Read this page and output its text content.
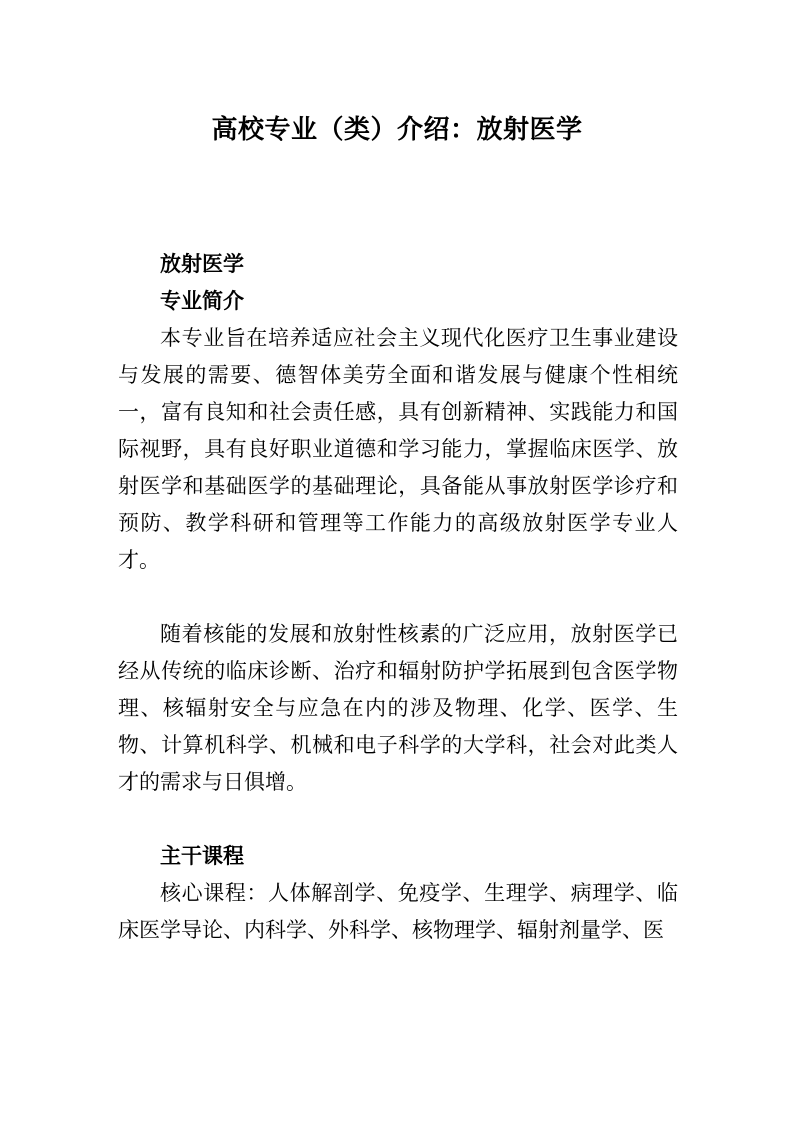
高校专业（类）介绍：放射医学

放射医学

专业简介

本专业旨在培养适应社会主义现代化医疗卫生事业建设与发展的需要、德智体美劳全面和谐发展与健康个性相统一，富有良知和社会责任感，具有创新精神、实践能力和国际视野，具有良好职业道德和学习能力，掌握临床医学、放射医学和基础医学的基础理论，具备能从事放射医学诊疗和预防、教学科研和管理等工作能力的高级放射医学专业人才。

随着核能的发展和放射性核素的广泛应用，放射医学已经从传统的临床诊断、治疗和辐射防护学拓展到包含医学物理、核辐射安全与应急在内的涉及物理、化学、医学、生物、计算机科学、机械和电子科学的大学科，社会对此类人才的需求与日俱增。

主干课程

核心课程：人体解剖学、免疫学、生理学、病理学、临床医学导论、内科学、外科学、核物理学、辐射剂量学、医
